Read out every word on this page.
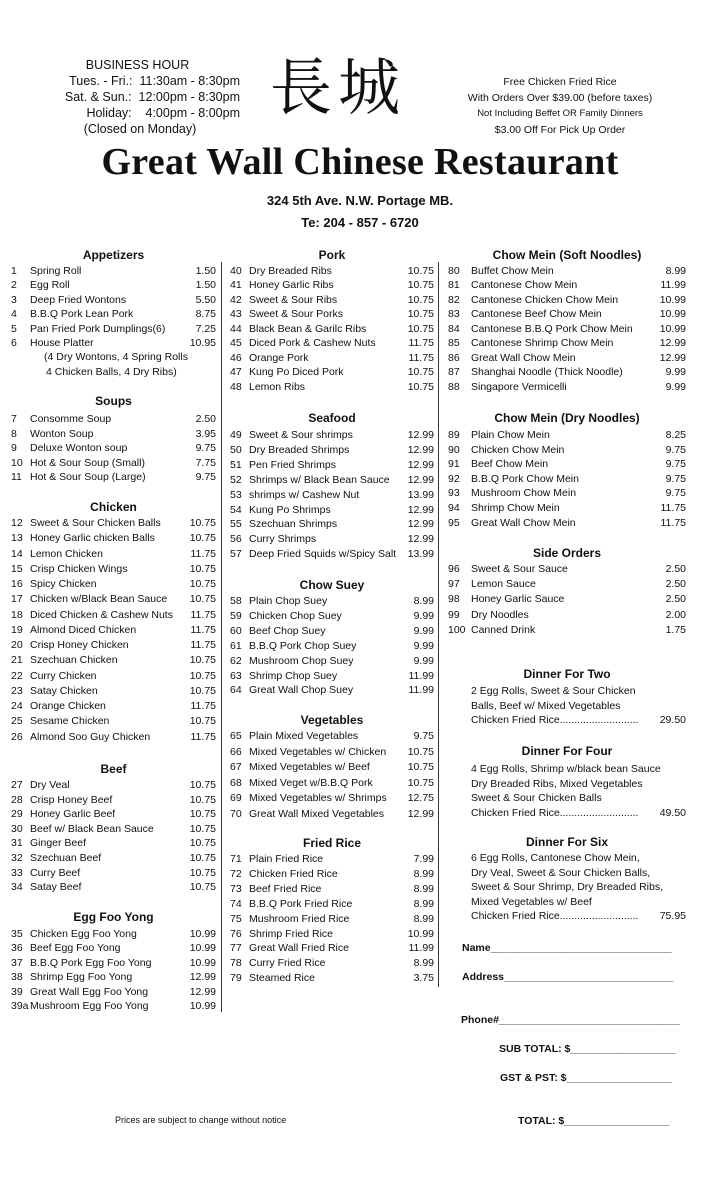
BUSINESS HOUR
Tues. - Fri.:  11:30am - 8:30pm
Sat. & Sun.:  12:00pm - 8:30pm
Holiday:    4:00pm - 8:00pm
(Closed on Monday)
長城	Free Chicken Fried Rice
With Orders Over $39.00 (before taxes)
Not Including Beffet OR Family Dinners
$3.00 Off For Pick Up Order
Great Wall Chinese Restaurant
324 5th Ave. N.W. Portage MB.
Te: 204 - 857 - 6720
Appetizers
1 Spring Roll	1.50
2 Egg Roll	1.50
3 Deep Fried Wontons	5.50
4 B.B.Q Pork Lean Pork	8.75
5 Pan Fried Pork Dumplings(6)	7.25
6 House Platter	10.95
(4 Dry Wontons, 4 Spring Rolls
4 Chicken Balls, 4 Dry Ribs)
Soups
7 Consomme Soup	2.50
8 Wonton Soup	3.95
9 Deluxe Wonton soup	9.75
10 Hot & Sour Soup (Small)	7.75
11 Hot & Sour Soup (Large)	9.75
Chicken
12 Sweet & Sour Chicken Balls	10.75
13 Honey Garlic chicken Balls	10.75
14 Lemon Chicken	11.75
15 Crisp Chicken Wings	10.75
16 Spicy Chicken	10.75
17 Chicken w/Black Bean Sauce 10.75
18 Diced Chicken & Cashew Nuts 11.75
19 Almond Diced Chicken	11.75
20 Crisp Honey Chicken	11.75
21 Szechuan Chicken	10.75
22 Curry Chicken	10.75
23 Satay Chicken	10.75
24 Orange Chicken	11.75
25 Sesame Chicken	10.75
26 Almond Soo Guy Chicken	11.75
Beef
27 Dry Veal	10.75
28 Crisp Honey Beef	10.75
29 Honey Garlic Beef	10.75
30 Beef w/ Black Bean Sauce	10.75
31 Ginger Beef	10.75
32 Szechuan Beef	10.75
33 Curry Beef	10.75
34 Satay Beef	10.75
Egg Foo Yong
35 Chicken Egg Foo Yong	10.99
36 Beef Egg Foo Yong	10.99
37 B.B.Q Pork Egg Foo Yong	10.99
38 Shrimp Egg Foo Yong	12.99
39 Great Wall Egg Foo Yong	12.99
39a Mushroom Egg Foo Yong	10.99
Pork
40 Dry Breaded Ribs	10.75
41 Honey Garlic Ribs	10.75
42 Sweet & Sour Ribs	10.75
43 Sweet & Sour Porks	10.75
44 Black Bean & Garilc Ribs	10.75
45 Diced Pork & Cashew Nuts	11.75
46 Orange Pork	11.75
47 Kung Po Diced Pork	10.75
48 Lemon Ribs	10.75
Seafood
49 Sweet & Sour shrimps	12.99
50 Dry Breaded Shrimps	12.99
51 Pen Fried Shrimps	12.99
52 Shrimps w/ Black Bean Sauce 12.99
53 shrimps w/ Cashew Nut	13.99
54 Kung Po Shrimps	12.99
55 Szechuan Shrimps	12.99
56 Curry Shrimps	12.99
57 Deep Fried Squids w/Spicy Salt 13.99
Chow Suey
58 Plain Chop Suey	8.99
59 Chicken Chop Suey	9.99
60 Beef Chop Suey	9.99
61 B.B.Q Pork Chop Suey	9.99
62 Mushroom Chop Suey	9.99
63 Shrimp Chop Suey	11.99
64 Great Wall Chop Suey	11.99
Vegetables
65 Plain Mixed Vegetables	9.75
66 Mixed Vegetables w/ Chicken 10.75
67 Mixed Vegetables w/ Beef	10.75
68 Mixed Veget w/B.B.Q Pork	10.75
69 Mixed Vegetables w/ Shrimps 12.75
70 Great Wall Mixed Vegetables 12.99
Fried Rice
71 Plain Fried Rice	7.99
72 Chicken Fried Rice	8.99
73 Beef Fried Rice	8.99
74 B.B.Q Pork Fried Rice	8.99
75 Mushroom Fried Rice	8.99
76 Shrimp Fried Rice	10.99
77 Great Wall Fried Rice	11.99
78 Curry Fried Rice	8.99
79 Steamed Rice	3.75
Chow Mein (Soft Noodles)
80 Buffet Chow Mein	8.99
81 Cantonese Chow Mein	11.99
82 Cantonese Chicken Chow Mein	10.99
83 Cantonese Beef Chow Mein	10.99
84 Cantonese B.B.Q Pork Chow Mein	10.99
85 Cantonese Shrimp Chow Mein	12.99
86 Great Wall Chow Mein	12.99
87 Shanghai Noodle (Thick Noodle)	9.99
88 Singapore Vermicelli	9.99
Chow Mein (Dry Noodles)
89 Plain Chow Mein	8.25
90 Chicken Chow Mein	9.75
91 Beef Chow Mein	9.75
92 B.B.Q Pork Chow Mein	9.75
93 Mushroom Chow Mein	9.75
94 Shrimp Chow Mein	11.75
95 Great Wall Chow Mein	11.75
Side Orders
96 Sweet & Sour Sauce	2.50
97 Lemon Sauce	2.50
98 Honey Garlic Sauce	2.50
99 Dry Noodles	2.00
100 Canned Drink	1.75
Dinner For Two
2 Egg Rolls, Sweet & Sour Chicken
Balls, Beef w/ Mixed Vegetables
Chicken Fried Rice........................... 29.50
Dinner For Four
4 Egg Rolls, Shrimp w/black bean Sauce
Dry Breaded Ribs, Mixed Vegetables
Sweet & Sour Chicken Balls
Chicken Fried Rice........................... 49.50
Dinner For Six
6 Egg Rolls, Cantonese Chow Mein,
Dry Veal, Sweet & Sour Chicken Balls,
Sweet & Sour Shrimp, Dry Breaded Ribs,
Mixed Vegetables w/ Beef
Chicken Fried Rice........................... 75.95
Name_______________________________
Address_____________________________
Phone#_______________________________
SUB TOTAL: $__________________
GST & PST: $__________________
TOTAL: $__________________
Prices are subject to change without notice
